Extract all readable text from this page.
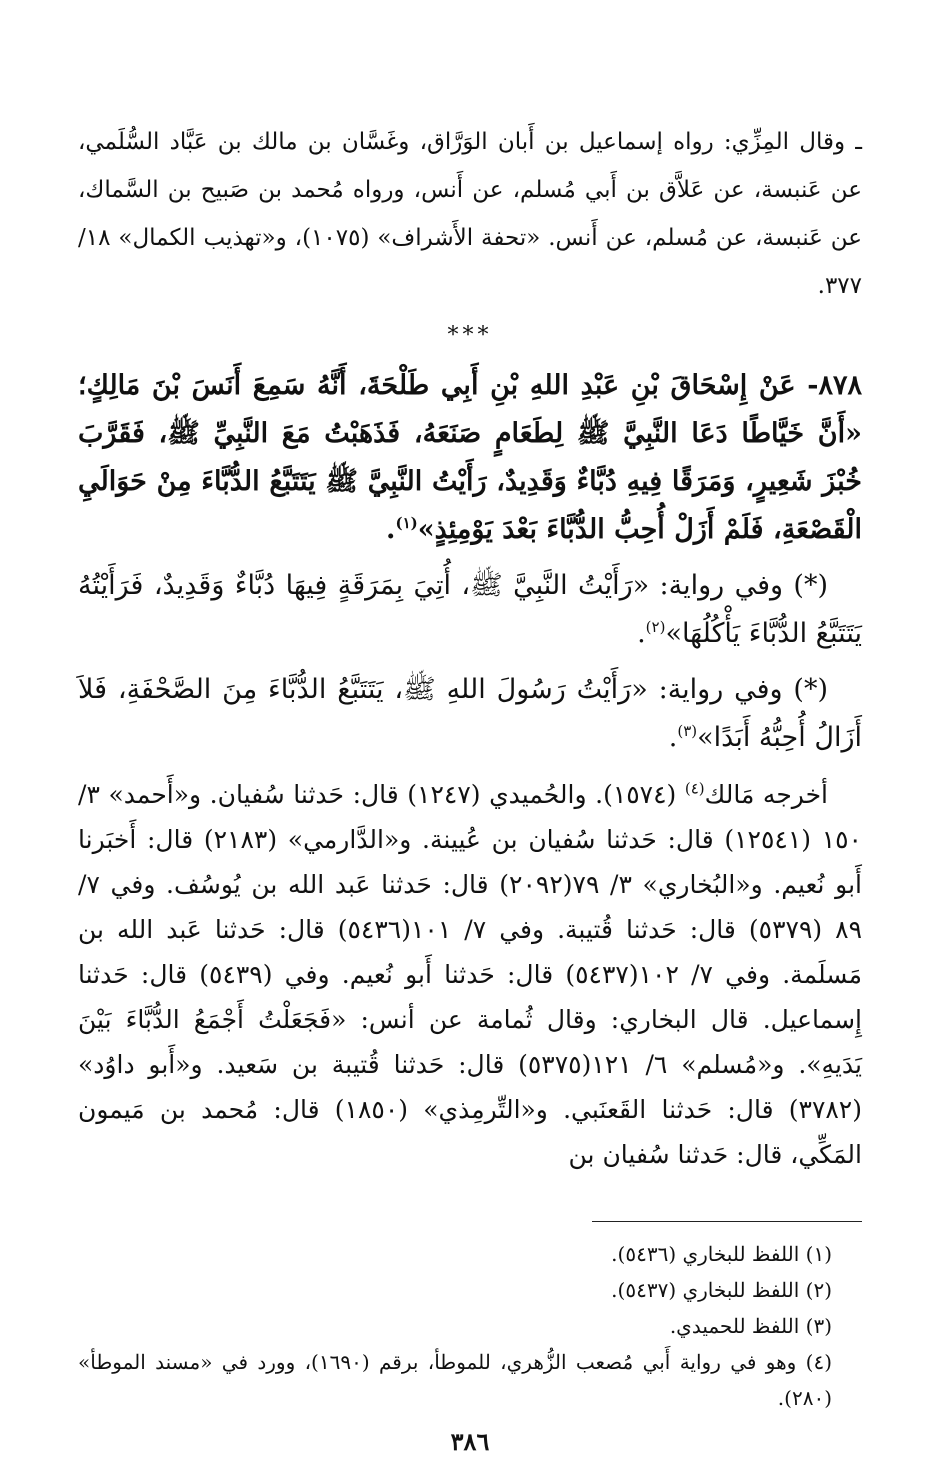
ـ وقال المِزِّي: رواه إسماعيل بن أَبان الوَرَّاق، وغَسَّان بن مالك بن عَبَّاد السُّلَمي، عن عَنبسة، عن عَلاَّق بن أَبي مُسلم، عن أَنس، ورواه مُحمد بن صَبيح بن السَّماك، عن عَنبسة، عن مُسلم، عن أَنس. «تحفة الأَشراف» (١٠٧٥)، و«تهذيب الكمال» ١٨/ ٣٧٧.

***

٨٧٨- عَنْ إِسْحَاقَ بْنِ عَبْدِ اللهِ بْنِ أَبِي طَلْحَةَ، أَنَّهُ سَمِعَ أَنَسَ بْنَ مَالِكٍ؛ «أَنَّ خَيَّاطًا دَعَا النَّبِيَّ ﷺ لِطَعَامٍ صَنَعَهُ، فَذَهَبْتُ مَعَ النَّبِيِّ ﷺ، فَقَرَّبَ خُبْزَ شَعِيرٍ، وَمَرَقًا فِيهِ دُبَّاءٌ وَقَدِيدٌ، رَأَيْتُ النَّبِيَّ ﷺ يَتَتَبَّعُ الدُّبَّاءَ مِنْ حَوَالَيِ الْقَصْعَةِ، فَلَمْ أَزَلْ أُحِبُّ الدُّبَّاءَ بَعْدَ يَوْمِئِذٍ»$^{(١)}$.

(*) وفي رواية: «رَأَيْتُ النَّبِيَّ ﷺ، أُتِيَ بِمَرَقَةٍ فِيهَا دُبَّاءٌ وَقَدِيدٌ، فَرَأَيْتُهُ يَتَتَبَّعُ الدُّبَّاءَ يَأْكُلُهَا»$^{(٢)}$.

(*) وفي رواية: «رَأَيْتُ رَسُولَ اللهِ ﷺ، يَتَتَبَّعُ الدُّبَّاءَ مِنَ الصَّحْفَةِ، فَلاَ أَزَالُ أُحِبُّهُ أَبَدًا»$^{(٣)}$.

أخرجه مَالك$^{(٤)}$ (١٥٧٤). والحُميدي (١٢٤٧) قال: حَدثنا سُفيان. و«أَحمد» ٣/ ١٥٠ (١٢٥٤١) قال: حَدثنا سُفيان بن عُيينة. و«الدَّارمي» (٢١٨٣) قال: أَخبَرنا أَبو نُعيم. و«البُخاري» ٣/ ٧٩(٢٠٩٢) قال: حَدثنا عَبد الله بن يُوسُف. وفي ٧/ ٨٩ (٥٣٧٩) قال: حَدثنا قُتيبة. وفي ٧/ ١٠١(٥٤٣٦) قال: حَدثنا عَبد الله بن مَسلَمة. وفي ٧/ ١٠٢(٥٤٣٧) قال: حَدثنا أَبو نُعيم. وفي (٥٤٣٩) قال: حَدثنا إِسماعيل. قال البخاري: وقال ثُمامة عن أنس: «فَجَعَلْتُ أَجْمَعُ الدُّبَّاءَ بَيْنَ يَدَيهِ». و«مُسلم» ٦/ ١٢١(٥٣٧٥) قال: حَدثنا قُتيبة بن سَعيد. و«أَبو داوُد» (٣٧٨٢) قال: حَدثنا القَعنَبي. و«التِّرمِذي» (١٨٥٠) قال: مُحمد بن مَيمون المَكِّي، قال: حَدثنا سُفيان بن

(١) اللفظ للبخاري (٥٤٣٦).
(٢) اللفظ للبخاري (٥٤٣٧).
(٣) اللفظ للحميدي.
(٤) وهو في رواية أَبي مُصعب الزُّهري، للموطأ، برقم (١٦٩٠)، وورد في «مسند الموطأ» (٢٨٠).
٣٨٦
